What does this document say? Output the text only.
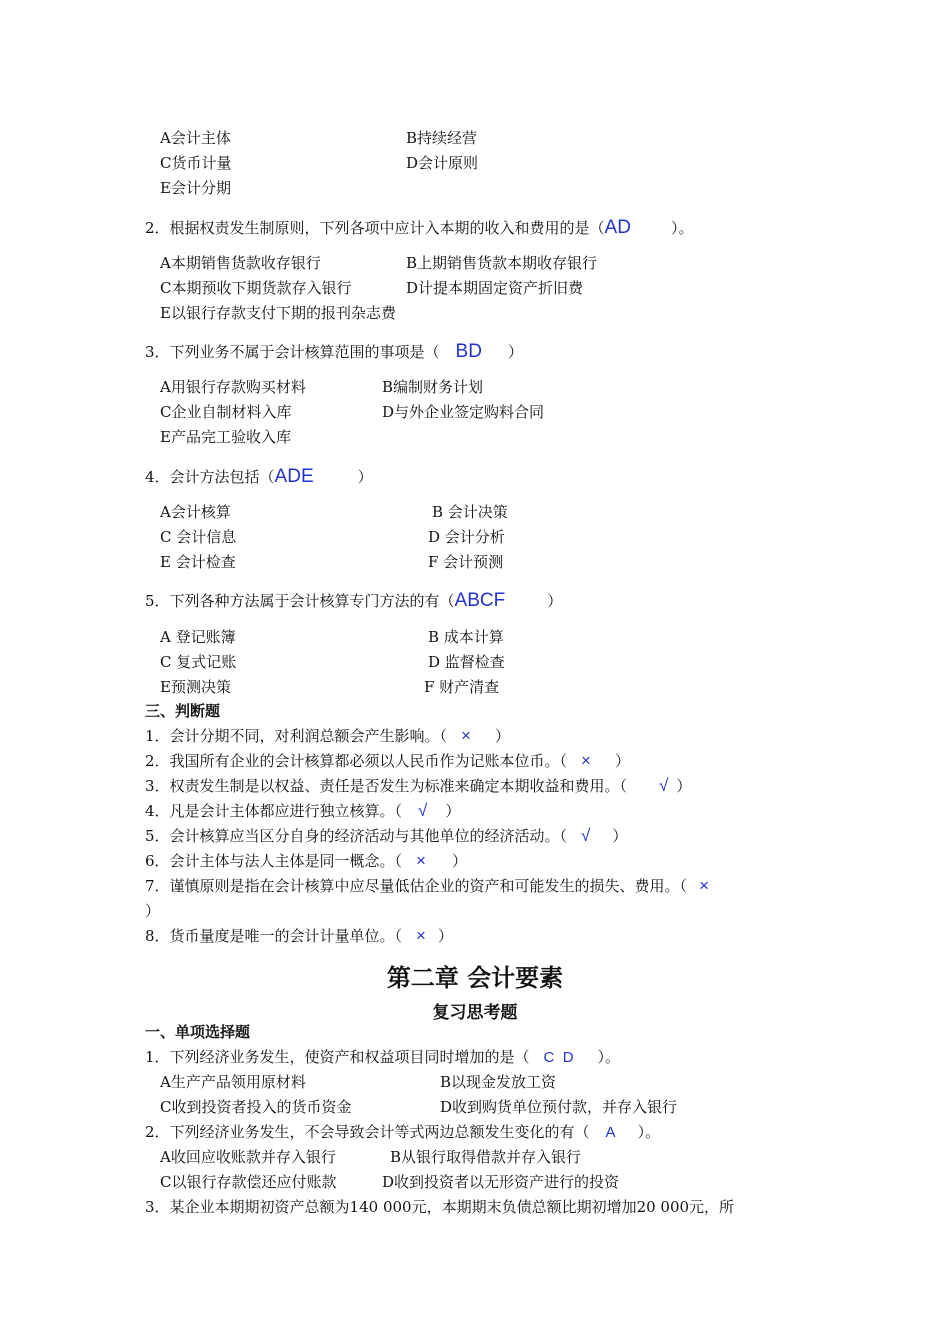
A会计主体	B持续经营
C货币计量	D会计原则
E会计分期
2．根据权责发生制原则，下列各项中应计入本期的收入和费用的是（AD	）。
A本期销售货款收存银行	B上期销售货款本期收存银行
C本期预收下期货款存入银行	D计提本期固定资产折旧费
E以银行存款支付下期的报刊杂志费
3．下列业务不属于会计核算范围的事项是（ BD ）
A用银行存款购买材料	B编制财务计划
C企业自制材料入库	D与外企业签定购料合同
E产品完工验收入库
4．会计方法包括（ADE	）
A会计核算	B 会计决策
C 会计信息	D 会计分析
E 会计检查	F 会计预测
5．下列各种方法属于会计核算专门方法的有（ABCF	）
A 登记账簿	B 成本计算
C 复式记账	D 监督检查
E预测决策	F 财产清查
三、判断题
1．会计分期不同，对利润总额会产生影响。（ × ）
2．我国所有企业的会计核算都必须以人民币作为记账本位币。（ × ）
3．权责发生制是以权益、责任是否发生为标准来确定本期收益和费用。（ √ ）
4．凡是会计主体都应进行独立核算。（ √ ）
5．会计核算应当区分自身的经济活动与其他单位的经济活动。（ √ ）
6．会计主体与法人主体是同一概念。（ × ）
7．谨慎原则是指在会计核算中应尽量低估企业的资产和可能发生的损失、费用。（ ×
）
8．货币量度是唯一的会计计量单位。（ × ）
第二章 会计要素
复习思考题
一、单项选择题
1．下列经济业务发生，使资产和权益项目同时增加的是（ C  D ）。
A生产产品领用原材料	B以现金发放工资
C收到投资者投入的货币资金	D收到购货单位预付款，并存入银行
2．下列经济业务发生，不会导致会计等式两边总额发生变化的有（ A ）。
A收回应收账款并存入银行	B从银行取得借款并存入银行
C以银行存款偿还应付账款	D收到投资者以无形资产进行的投资
3．某企业本期期初资产总额为140 000元，本期期末负债总额比期初增加20 000元，所
